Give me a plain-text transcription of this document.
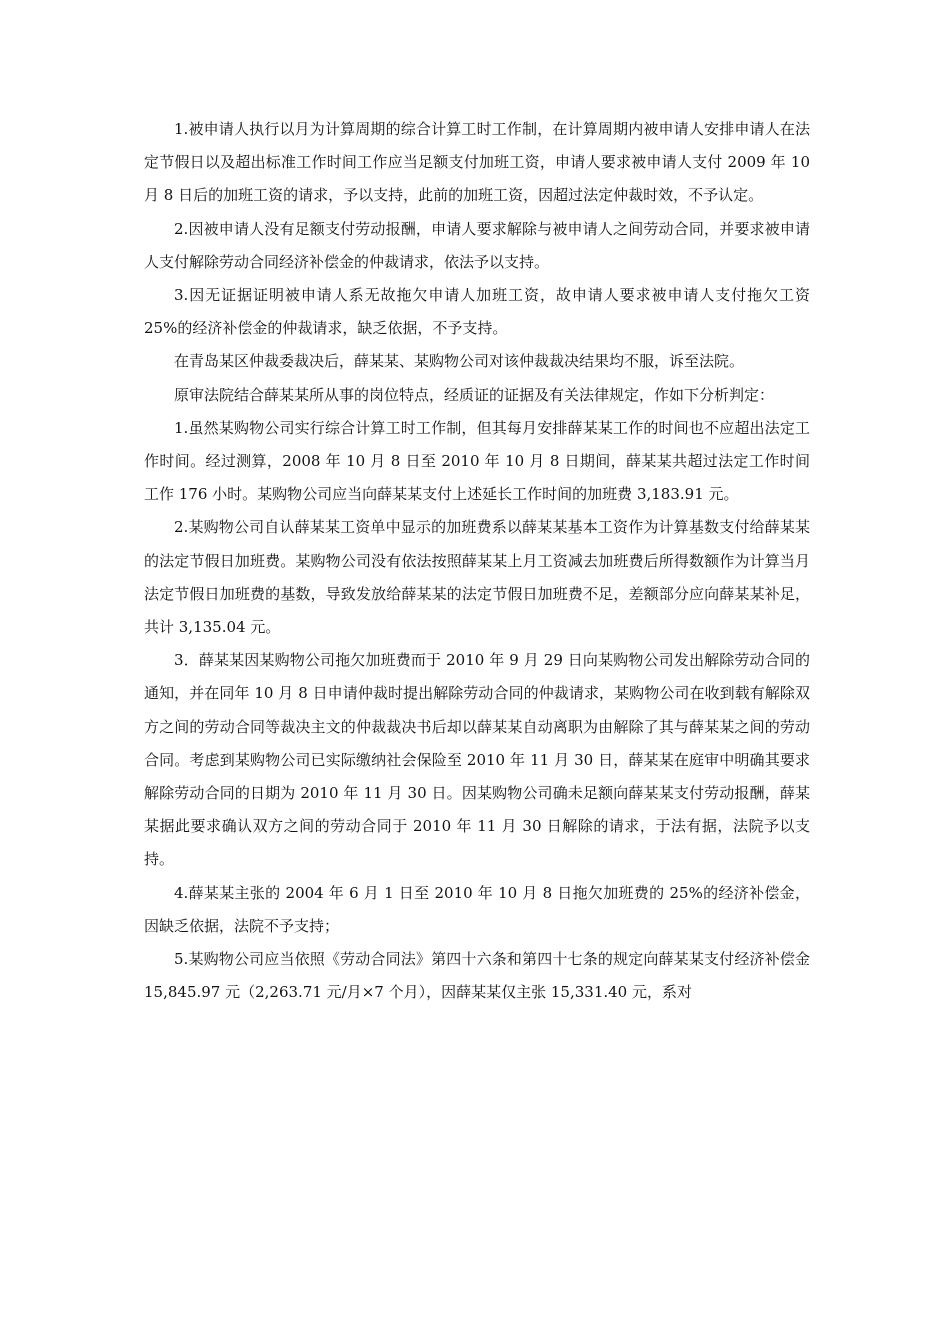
1.被申请人执行以月为计算周期的综合计算工时工作制，在计算周期内被申请人安排申请人在法定节假日以及超出标准工作时间工作应当足额支付加班工资，申请人要求被申请人支付 2009 年 10 月 8 日后的加班工资的请求，予以支持，此前的加班工资，因超过法定仲裁时效，不予认定。

2.因被申请人没有足额支付劳动报酬，申请人要求解除与被申请人之间劳动合同，并要求被申请人支付解除劳动合同经济补偿金的仲裁请求，依法予以支持。

3.因无证据证明被申请人系无故拖欠申请人加班工资，故申请人要求被申请人支付拖欠工资 25%的经济补偿金的仲裁请求，缺乏依据，不予支持。

在青岛某区仲裁委裁决后，薛某某、某购物公司对该仲裁裁决结果均不服，诉至法院。

原审法院结合薛某某所从事的岗位特点，经质证的证据及有关法律规定，作如下分析判定：

1.虽然某购物公司实行综合计算工时工作制，但其每月安排薛某某工作的时间也不应超出法定工作时间。经过测算，2008 年 10 月 8 日至 2010 年 10 月 8 日期间，薛某某共超过法定工作时间工作 176 小时。某购物公司应当向薛某某支付上述延长工作时间的加班费 3,183.91 元。

2.某购物公司自认薛某某工资单中显示的加班费系以薛某某基本工资作为计算基数支付给薛某某的法定节假日加班费。某购物公司没有依法按照薛某某上月工资减去加班费后所得数额作为计算当月法定节假日加班费的基数，导致发放给薛某某的法定节假日加班费不足，差额部分应向薛某某补足，共计 3,135.04 元。

3．薛某某因某购物公司拖欠加班费而于 2010 年 9 月 29 日向某购物公司发出解除劳动合同的通知，并在同年 10 月 8 日申请仲裁时提出解除劳动合同的仲裁请求，某购物公司在收到载有解除双方之间的劳动合同等裁决主文的仲裁裁决书后却以薛某某自动离职为由解除了其与薛某某之间的劳动合同。考虑到某购物公司已实际缴纳社会保险至 2010 年 11 月 30 日，薛某某在庭审中明确其要求解除劳动合同的日期为 2010 年 11 月 30 日。因某购物公司确未足额向薛某某支付劳动报酬，薛某某据此要求确认双方之间的劳动合同于 2010 年 11 月 30 日解除的请求，于法有据，法院予以支持。

4.薛某某主张的 2004 年 6 月 1 日至 2010 年 10 月 8 日拖欠加班费的 25%的经济补偿金，因缺乏依据，法院不予支持；

5.某购物公司应当依照《劳动合同法》第四十六条和第四十七条的规定向薛某某支付经济补偿金 15,845.97 元（2,263.71 元/月×7 个月），因薛某某仅主张 15,331.40 元，系对
